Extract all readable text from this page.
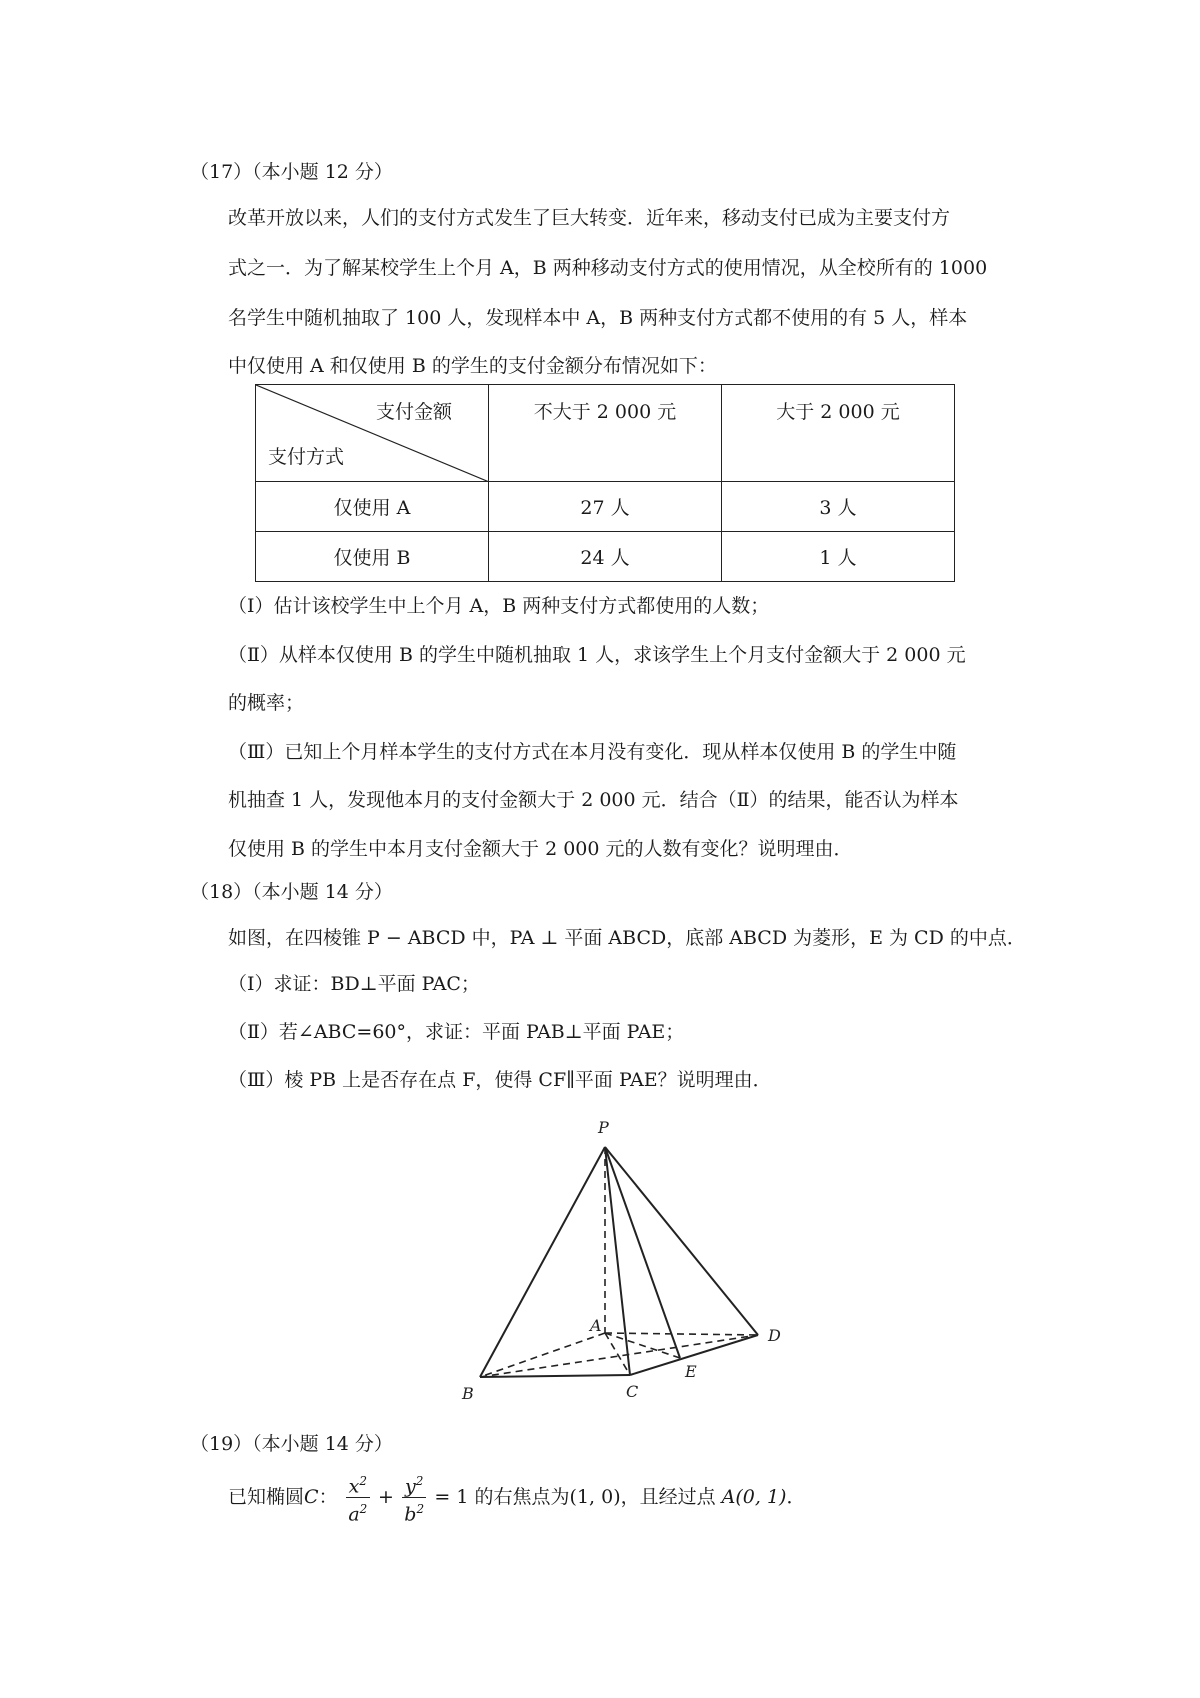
（17）（本小题 12 分）
改革开放以来，人们的支付方式发生了巨大转变．近年来，移动支付已成为主要支付方
式之一．为了解某校学生上个月 A，B 两种移动支付方式的使用情况，从全校所有的 1000
名学生中随机抽取了 100 人，发现样本中 A，B 两种支付方式都不使用的有 5 人，样本
中仅使用 A 和仅使用 B 的学生的支付金额分布情况如下：
支付金额
支付方式	不大于 2 000 元	大于 2 000 元
仅使用 A	27 人	3 人
仅使用 B	24 人	1 人
（Ⅰ）估计该校学生中上个月 A，B 两种支付方式都使用的人数；
（Ⅱ）从样本仅使用 B 的学生中随机抽取 1 人，求该学生上个月支付金额大于 2 000 元
的概率；
（Ⅲ）已知上个月样本学生的支付方式在本月没有变化．现从样本仅使用 B 的学生中随
机抽查 1 人，发现他本月的支付金额大于 2 000 元．结合（Ⅱ）的结果，能否认为样本
仅使用 B 的学生中本月支付金额大于 2 000 元的人数有变化？说明理由．
（18）（本小题 14 分）
如图，在四棱锥 P − ABCD 中，PA ⊥ 平面 ABCD，底部 ABCD 为菱形，E 为 CD 的中点．
（Ⅰ）求证：BD⊥平面 PAC；
（Ⅱ）若∠ABC=60°，求证：平面 PAB⊥平面 PAE；
（Ⅲ）棱 PB 上是否存在点 F，使得 CF∥平面 PAE？说明理由．
P
A
B	C
D
E
（19）（本小题 14 分）
已知椭圆C： $\frac{x^2}{a^2} + \frac{y^2}{b^2} = 1$ 的右焦点为(1, 0)，且经过点 A(0, 1)．
